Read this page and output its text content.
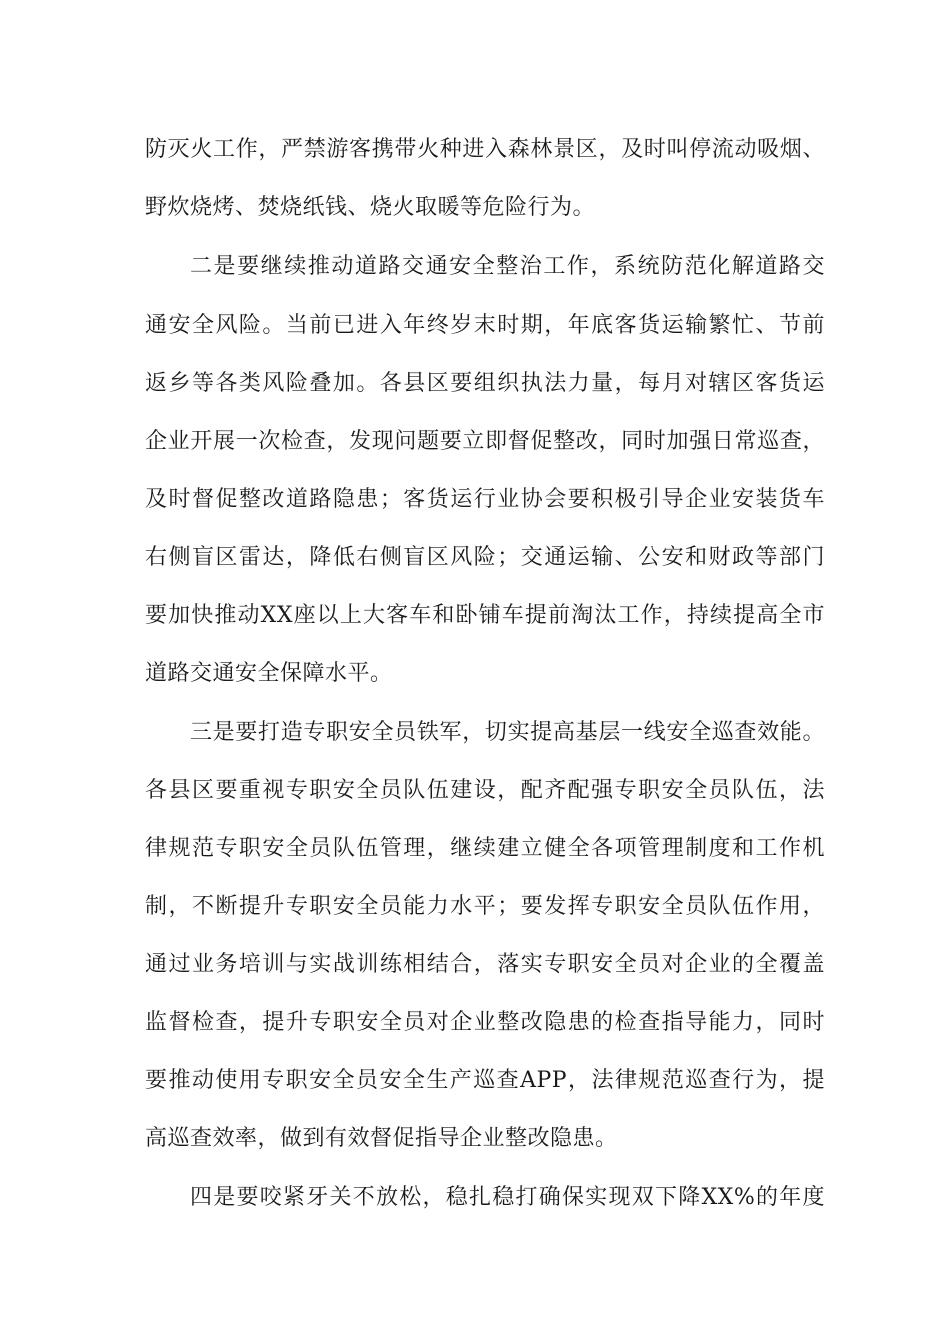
防灭火工作，严禁游客携带火种进入森林景区，及时叫停流动吸烟、
野炊烧烤、焚烧纸钱、烧火取暖等危险行为。
二是要继续推动道路交通安全整治工作，系统防范化解道路交
通安全风险。当前已进入年终岁末时期，年底客货运输繁忙、节前
返乡等各类风险叠加。各县区要组织执法力量，每月对辖区客货运
企业开展一次检查，发现问题要立即督促整改，同时加强日常巡查，
及时督促整改道路隐患；客货运行业协会要积极引导企业安装货车
右侧盲区雷达，降低右侧盲区风险；交通运输、公安和财政等部门
要加快推动XX座以上大客车和卧铺车提前淘汰工作，持续提高全市
道路交通安全保障水平。
三是要打造专职安全员铁军，切实提高基层一线安全巡查效能。
各县区要重视专职安全员队伍建设，配齐配强专职安全员队伍，法
律规范专职安全员队伍管理，继续建立健全各项管理制度和工作机
制，不断提升专职安全员能力水平；要发挥专职安全员队伍作用，
通过业务培训与实战训练相结合，落实专职安全员对企业的全覆盖
监督检查，提升专职安全员对企业整改隐患的检查指导能力，同时
要推动使用专职安全员安全生产巡查APP，法律规范巡查行为，提
高巡查效率，做到有效督促指导企业整改隐患。
四是要咬紧牙关不放松，稳扎稳打确保实现双下降XX%的年度
